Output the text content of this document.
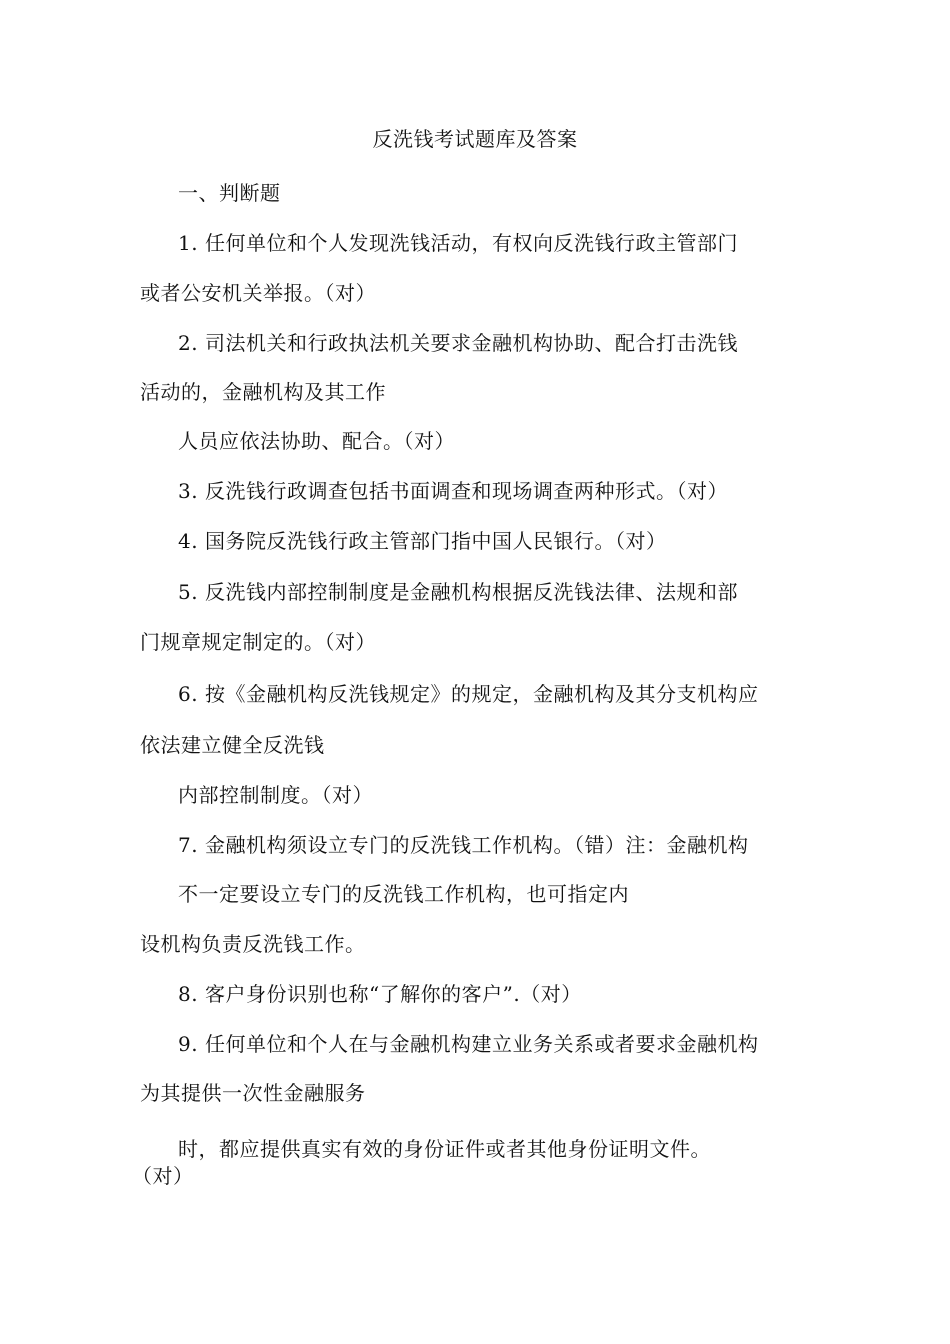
反洗钱考试题库及答案
一、判断题
1. 任何单位和个人发现洗钱活动，有权向反洗钱行政主管部门
或者公安机关举报。（对）
2. 司法机关和行政执法机关要求金融机构协助、配合打击洗钱
活动的，金融机构及其工作
人员应依法协助、配合。（对）
3. 反洗钱行政调查包括书面调查和现场调查两种形式。（对）
4. 国务院反洗钱行政主管部门指中国人民银行。（对）
5. 反洗钱内部控制制度是金融机构根据反洗钱法律、法规和部
门规章规定制定的。（对）
6. 按《金融机构反洗钱规定》的规定，金融机构及其分支机构应
依法建立健全反洗钱
内部控制制度。（对）
7. 金融机构须设立专门的反洗钱工作机构。（错）注：金融机构
不一定要设立专门的反洗钱工作机构，也可指定内
设机构负责反洗钱工作。
8. 客户身份识别也称“了解你的客户”.（对）
9. 任何单位和个人在与金融机构建立业务关系或者要求金融机构
为其提供一次性金融服务
时，都应提供真实有效的身份证件或者其他身份证明文件。
（对）
